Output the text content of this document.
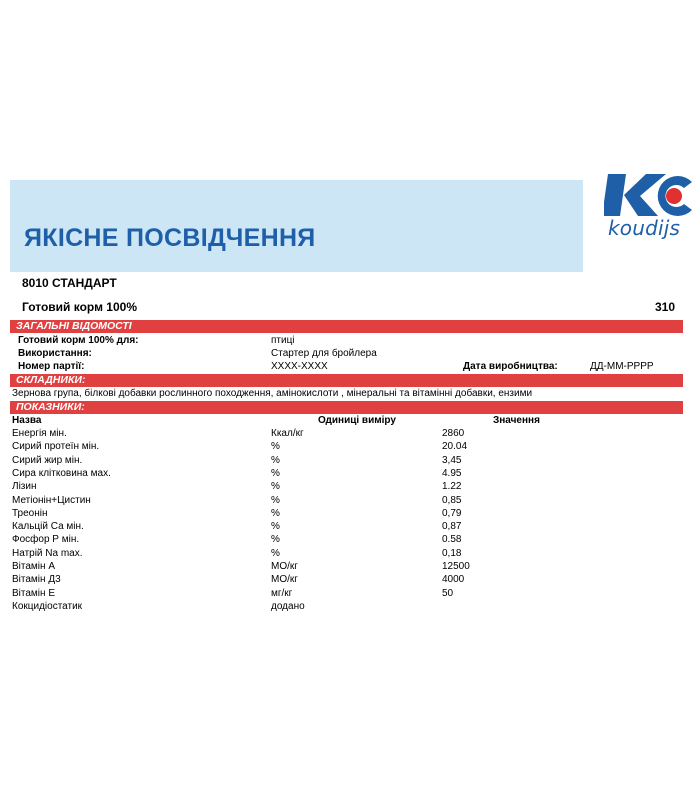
ЯКІСНЕ ПОСВІДЧЕННЯ	koudijs
8010 СТАНДАРТ
Готовий корм 100%	310
ЗАГАЛЬНІ ВІДОМОСТІ
Готовий корм 100% для:	птиці
Використання:	Стартер для бройлера
Номер партії:	XXXX-XXXX	Дата виробництва:	ДД-ММ-РРРР
СКЛАДНИКИ:
Зернова група, білкові добавки рослинного походження, амінокислоти , мінеральні та вітамінні добавки, ензими
ПОКАЗНИКИ:
Назва	Одиниці виміру	Значення
Енергія мін.	Ккал/кг	2860
Сирий протеїн мін.	%	20.04
Сирий жир мін.	%	3,45
Сира клітковина мах.	%	4.95
Лізин	%	1.22
Метіонін+Цистин	%	0,85
Треонін	%	0,79
Кальцій Са мін.	%	0,87
Фосфор Р мін.	%	0.58
Натрій Na max.	%	0,18
Вітамін А	МО/кг	12500
Вітамін Д3	МО/кг	4000
Вітамін Е	мг/кг	50
Кокцидіостатик	додано
